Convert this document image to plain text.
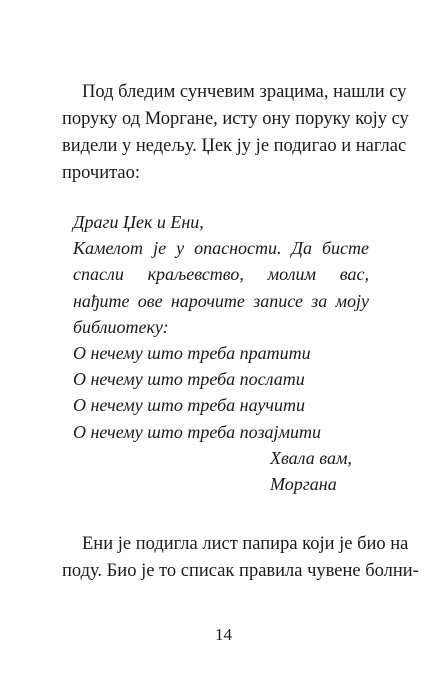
Под бледим сунчевим зрацима, нашли су
поруку од Моргане, исту ону поруку коју су
видели у недељу. Џек ју је подигао и наглас
прочитао:
Драги Џек и Ени,
Камелот је у опасности. Да бисте
спасли краљевство, молим вас,
нађите ове нарочите записе за моју
библиотеку:
О нечему што треба пратити
О нечему што треба послати
О нечему што треба научити
О нечему што треба позајмити
Хвала вам,
Моргана
Ени је подигла лист папира који је био на
поду. Био је то списак правила чувене болни-
14
